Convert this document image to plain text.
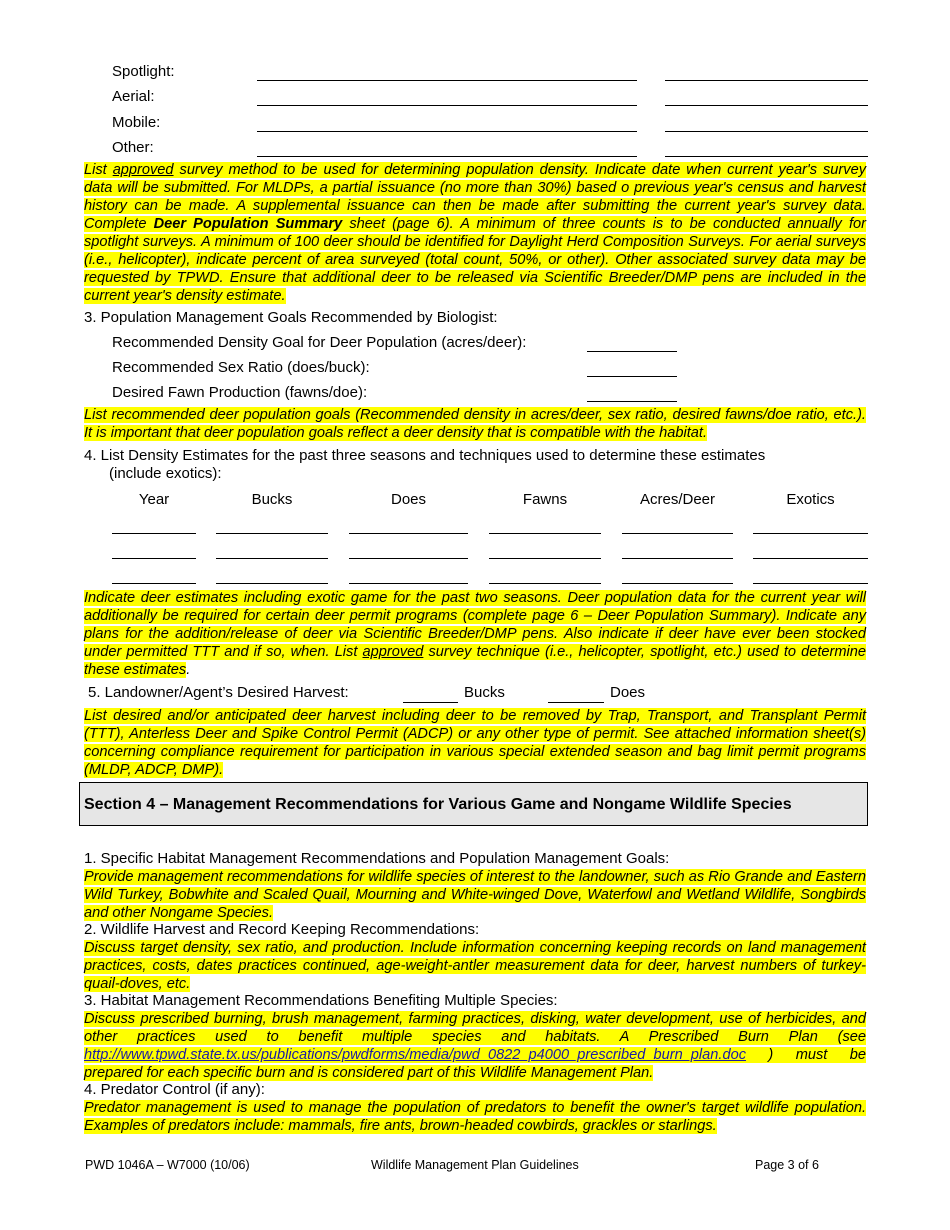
Spotlight:
Aerial:
Mobile:
Other:
List approved survey method to be used for determining population density. Indicate date when current year's survey data will be submitted. For MLDPs, a partial issuance (no more than 30%) based o previous year's census and harvest history can be made. A supplemental issuance can then be made after submitting the current year's survey data. Complete Deer Population Summary sheet (page 6). A minimum of three counts is to be conducted annually for spotlight surveys. A minimum of 100 deer should be identified for Daylight Herd Composition Surveys. For aerial surveys (i.e., helicopter), indicate percent of area surveyed (total count, 50%, or other). Other associated survey data may be requested by TPWD. Ensure that additional deer to be released via Scientific Breeder/DMP pens are included in the current year's density estimate.
3. Population Management Goals Recommended by Biologist:
Recommended Density Goal for Deer Population (acres/deer):
Recommended Sex Ratio (does/buck):
Desired Fawn Production (fawns/doe):
List recommended deer population goals (Recommended density in acres/deer, sex ratio, desired fawns/doe ratio, etc.). It is important that deer population goals reflect a deer density that is compatible with the habitat.
4. List Density Estimates for the past three seasons and techniques used to determine these estimates
(include exotics):
Year	Bucks	Does	Fawns	Acres/Deer	Exotics
Indicate deer estimates including exotic game for the past two seasons. Deer population data for the current year will additionally be required for certain deer permit programs (complete page 6 – Deer Population Summary). Indicate any plans for the addition/release of deer via Scientific Breeder/DMP pens. Also indicate if deer have ever been stocked under permitted TTT and if so, when. List approved survey technique (i.e., helicopter, spotlight, etc.) used to determine these estimates.
5. Landowner/Agent’s Desired Harvest:	Bucks	Does
List desired and/or anticipated deer harvest including deer to be removed by Trap, Transport, and Transplant Permit (TTT), Anterless Deer and Spike Control Permit (ADCP) or any other type of permit. See attached information sheet(s) concerning compliance requirement for participation in various special extended season and bag limit permit programs (MLDP, ADCP, DMP).
Section 4 – Management Recommendations for Various Game and Nongame Wildlife Species
1. Specific Habitat Management Recommendations and Population Management Goals:
Provide management recommendations for wildlife species of interest to the landowner, such as Rio Grande and Eastern Wild Turkey, Bobwhite and Scaled Quail, Mourning and White-winged Dove, Waterfowl and Wetland Wildlife, Songbirds and other Nongame Species.
2. Wildlife Harvest and Record Keeping Recommendations:
Discuss target density, sex ratio, and production. Include information concerning keeping records on land management practices, costs, dates practices continued, age-weight-antler measurement data for deer, harvest numbers of turkey-quail-doves, etc.
3. Habitat Management Recommendations Benefiting Multiple Species:
Discuss prescribed burning, brush management, farming practices, disking, water development, use of herbicides, and other practices used to benefit multiple species and habitats. A Prescribed Burn Plan (see http://www.tpwd.state.tx.us/publications/pwdforms/media/pwd_0822_p4000_prescribed_burn_plan.doc ) must be prepared for each specific burn and is considered part of this Wildlife Management Plan.
4. Predator Control (if any):
Predator management is used to manage the population of predators to benefit the owner's target wildlife population. Examples of predators include: mammals, fire ants, brown-headed cowbirds, grackles or starlings.
PWD 1046A – W7000 (10/06)	Wildlife Management Plan Guidelines	Page 3 of 6
